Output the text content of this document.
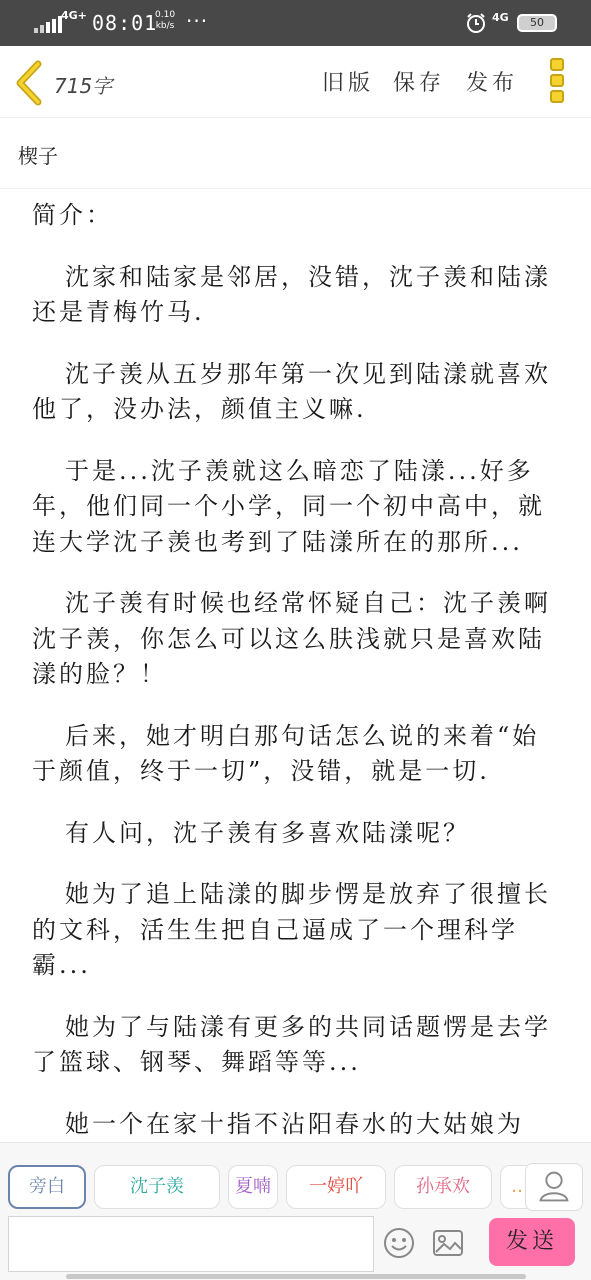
4G+ 08:01
0.10
kb/s ···	4G	50
715字	旧版 保存 发布
楔子

简介：

沈家和陆家是邻居，没错，沈子羡和陆漾还是青梅竹马.

沈子羡从五岁那年第一次见到陆漾就喜欢他了，没办法，颜值主义嘛.

于是...沈子羡就这么暗恋了陆漾...好多年，他们同一个小学，同一个初中高中，就连大学沈子羡也考到了陆漾所在的那所...

沈子羡有时候也经常怀疑自己：沈子羡啊沈子羡，你怎么可以这么肤浅就只是喜欢陆漾的脸？！

后来，她才明白那句话怎么说的来着“始于颜值，终于一切”，没错，就是一切.

有人问，沈子羡有多喜欢陆漾呢？

她为了追上陆漾的脚步愣是放弃了很擅长的文科，活生生把自己逼成了一个理科学霸...

她为了与陆漾有更多的共同话题愣是去学了篮球、钢琴、舞蹈等等...

她一个在家十指不沾阳春水的大姑娘为

旁白	沈子羡	夏喃	一婷吖	孙承欢	…
发送
